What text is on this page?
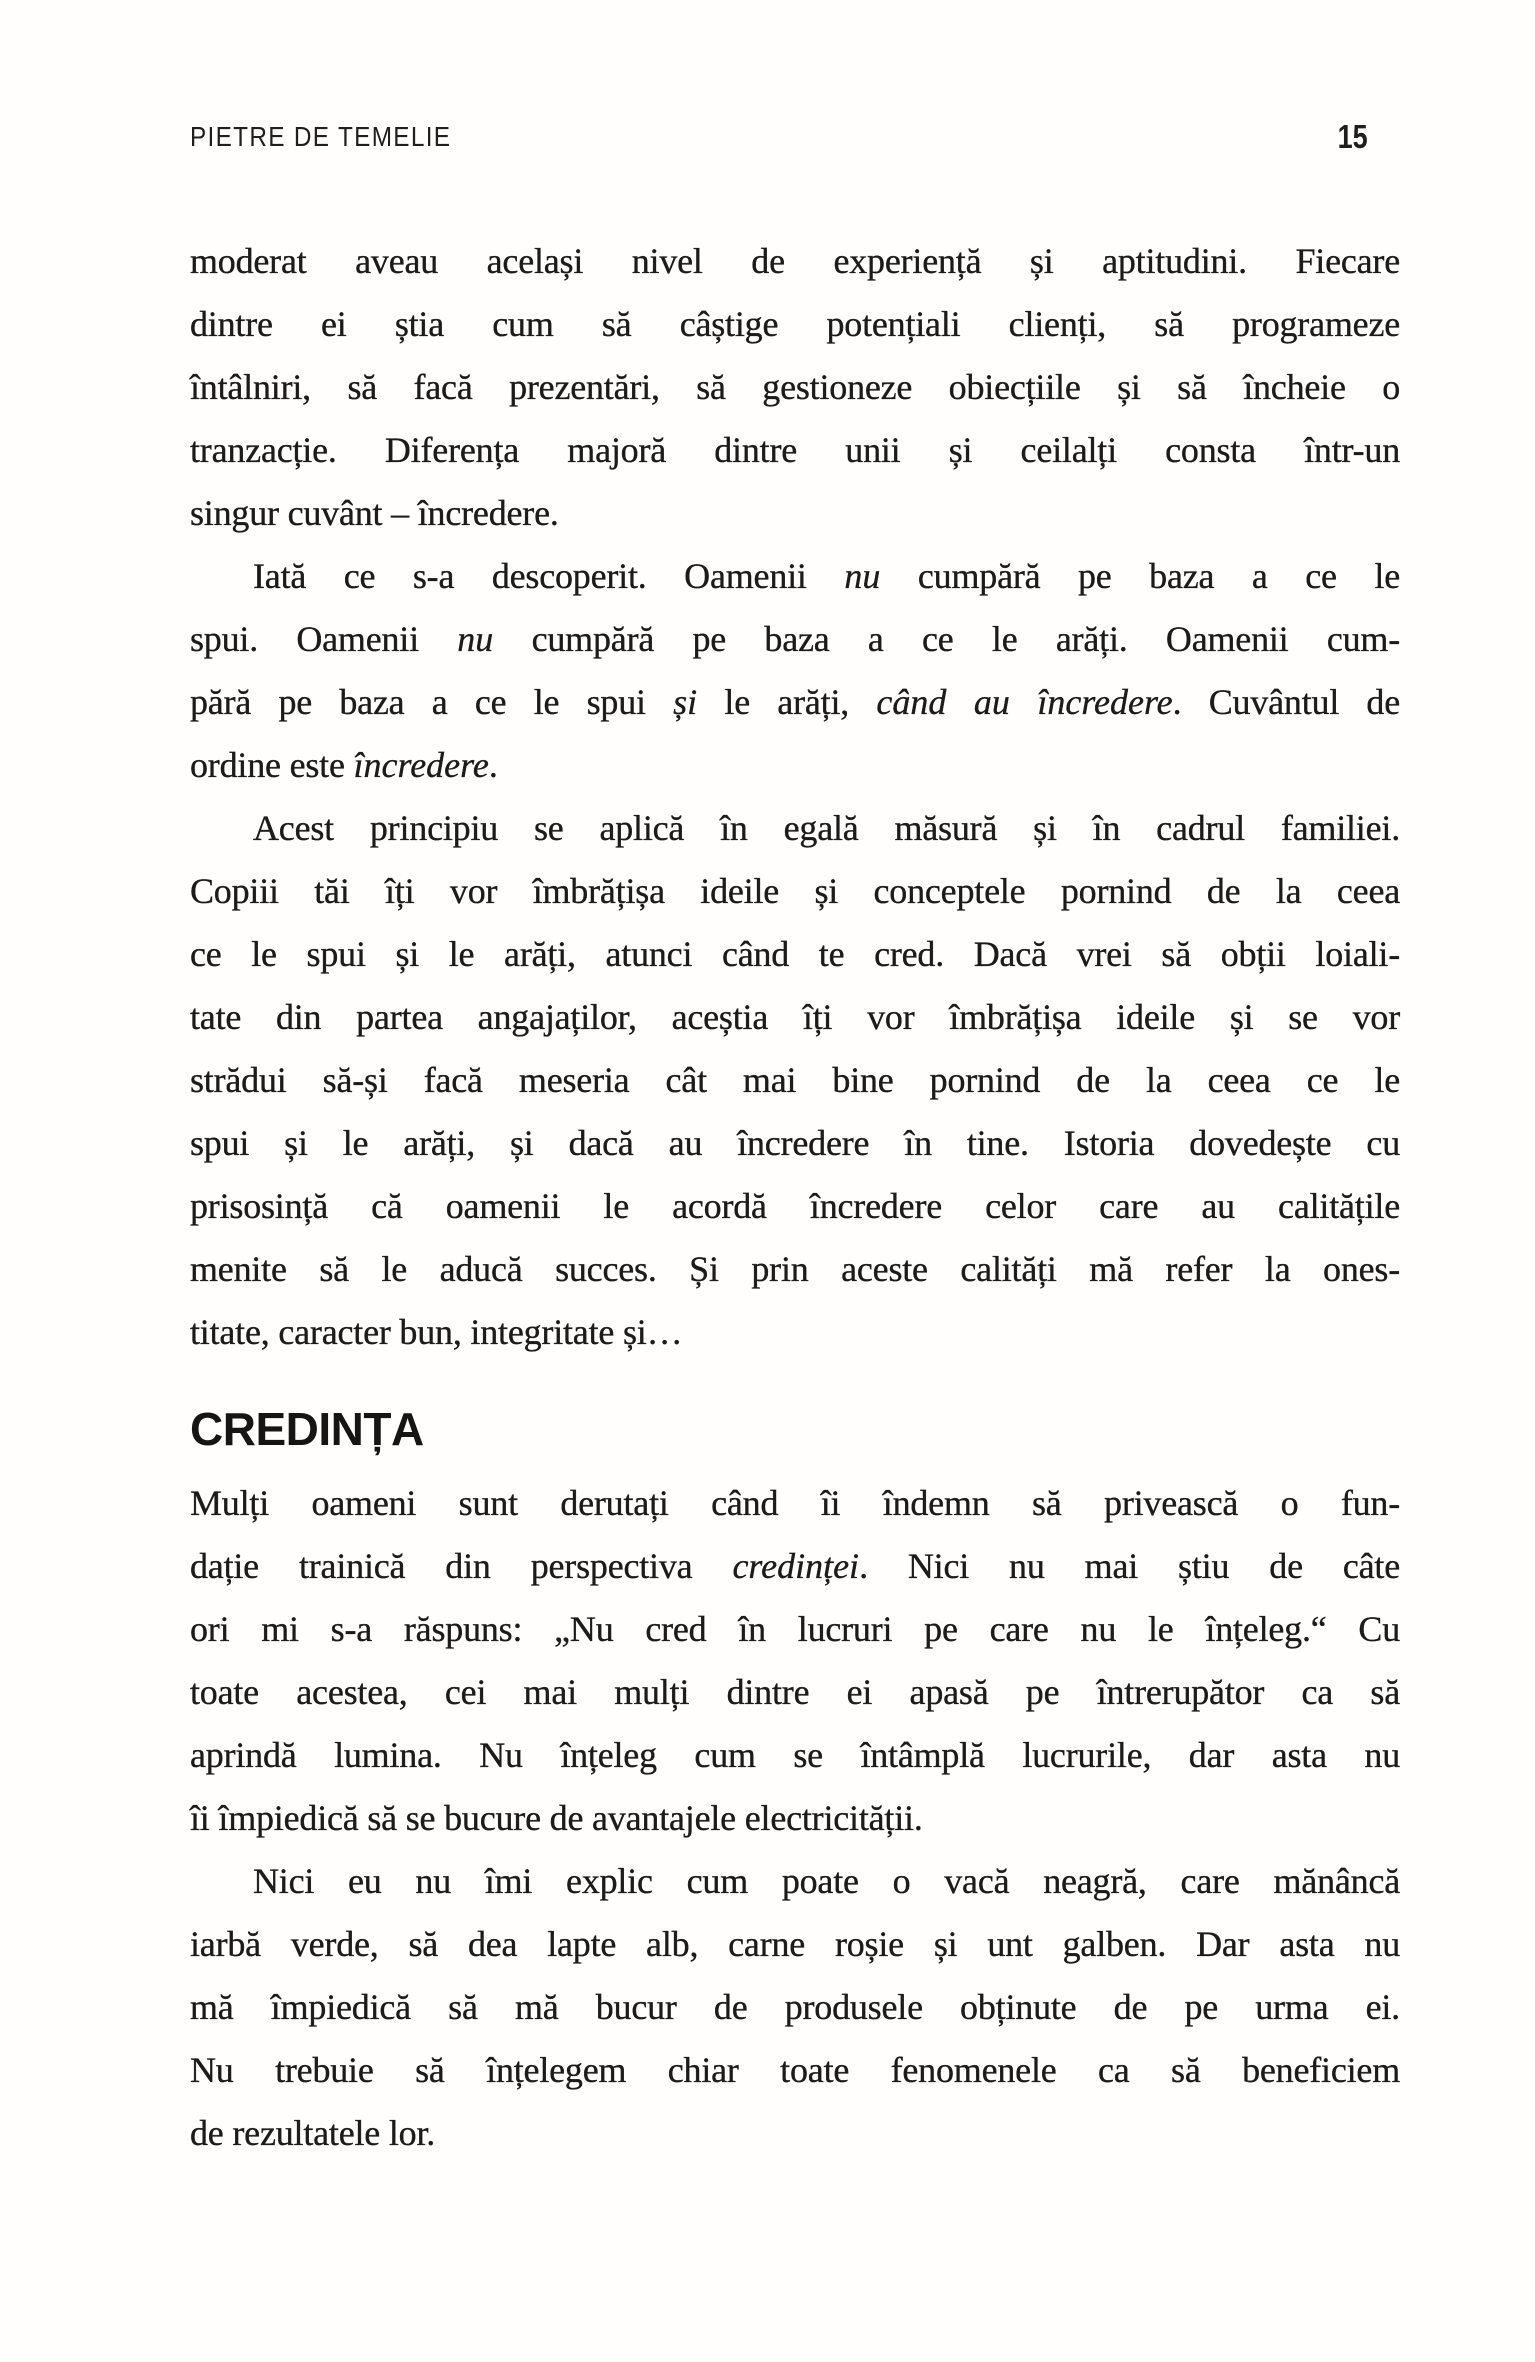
PIETRE DE TEMELIE	15
moderat aveau același nivel de experiență și aptitudini. Fiecare
dintre ei știa cum să câștige potențiali clienți, să programeze
întâlniri, să facă prezentări, să gestioneze obiecțiile și să încheie o
tranzacție. Diferența majoră dintre unii și ceilalți consta într-un
singur cuvânt – încredere.
Iată ce s-a descoperit. Oamenii nu cumpără pe baza a ce le
spui. Oamenii nu cumpără pe baza a ce le arăți. Oamenii cum-
pără pe baza a ce le spui și le arăți, când au încredere. Cuvântul de
ordine este încredere.
Acest principiu se aplică în egală măsură și în cadrul familiei.
Copiii tăi îți vor îmbrățișa ideile și conceptele pornind de la ceea
ce le spui și le arăți, atunci când te cred. Dacă vrei să obții loiali-
tate din partea angajaților, aceștia îți vor îmbrățișa ideile și se vor
strădui să-și facă meseria cât mai bine pornind de la ceea ce le
spui și le arăți, și dacă au încredere în tine. Istoria dovedește cu
prisosință că oamenii le acordă încredere celor care au calitățile
menite să le aducă succes. Și prin aceste calități mă refer la ones-
titate, caracter bun, integritate și…
CREDINȚA
Mulți oameni sunt derutați când îi îndemn să privească o fun-
dație trainică din perspectiva credinței. Nici nu mai știu de câte
ori mi s-a răspuns: „Nu cred în lucruri pe care nu le înțeleg.“ Cu
toate acestea, cei mai mulți dintre ei apasă pe întrerupător ca să
aprindă lumina. Nu înțeleg cum se întâmplă lucrurile, dar asta nu
îi împiedică să se bucure de avantajele electricității.
Nici eu nu îmi explic cum poate o vacă neagră, care mănâncă
iarbă verde, să dea lapte alb, carne roșie și unt galben. Dar asta nu
mă împiedică să mă bucur de produsele obținute de pe urma ei.
Nu trebuie să înțelegem chiar toate fenomenele ca să beneficiem
de rezultatele lor.
